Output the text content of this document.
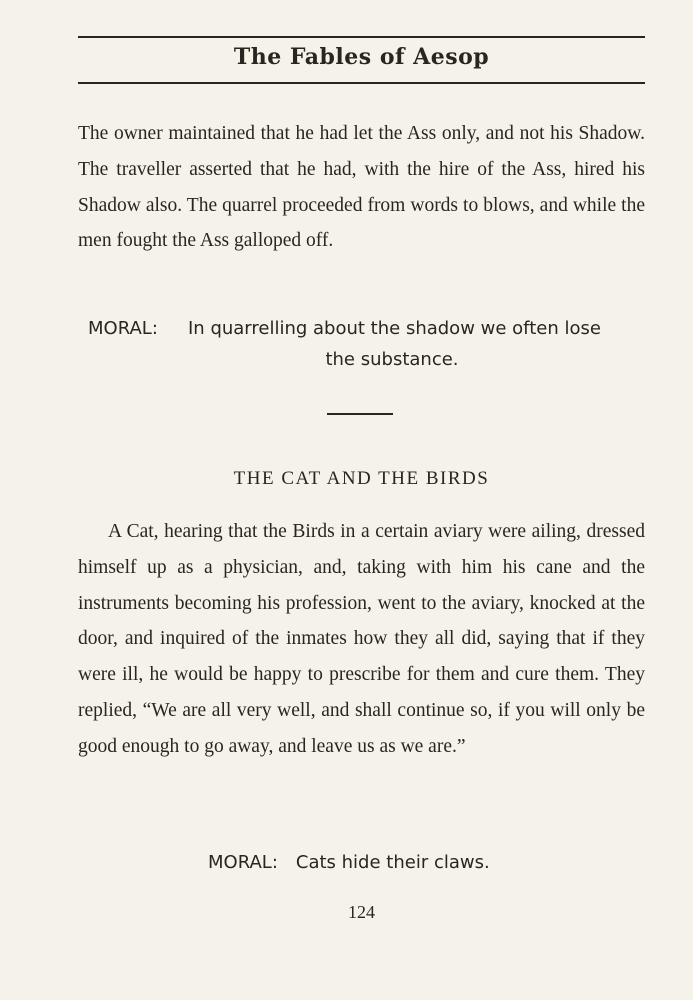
The Fables of Aesop

The owner maintained that he had let the Ass only, and not his Shadow. The traveller asserted that he had, with the hire of the Ass, hired his Shadow also. The quarrel proceeded from words to blows, and while the men fought the Ass galloped off.

MORAL: In quarrelling about the shadow we often lose
the substance.
THE CAT AND THE BIRDS

A Cat, hearing that the Birds in a certain aviary were ailing, dressed himself up as a physician, and, taking with him his cane and the instruments becoming his profession, went to the aviary, knocked at the door, and inquired of the inmates how they all did, saying that if they were ill, he would be happy to prescribe for them and cure them. They replied, “We are all very well, and shall continue so, if you will only be good enough to go away, and leave us as we are.”

MORAL: Cats hide their claws.
124
